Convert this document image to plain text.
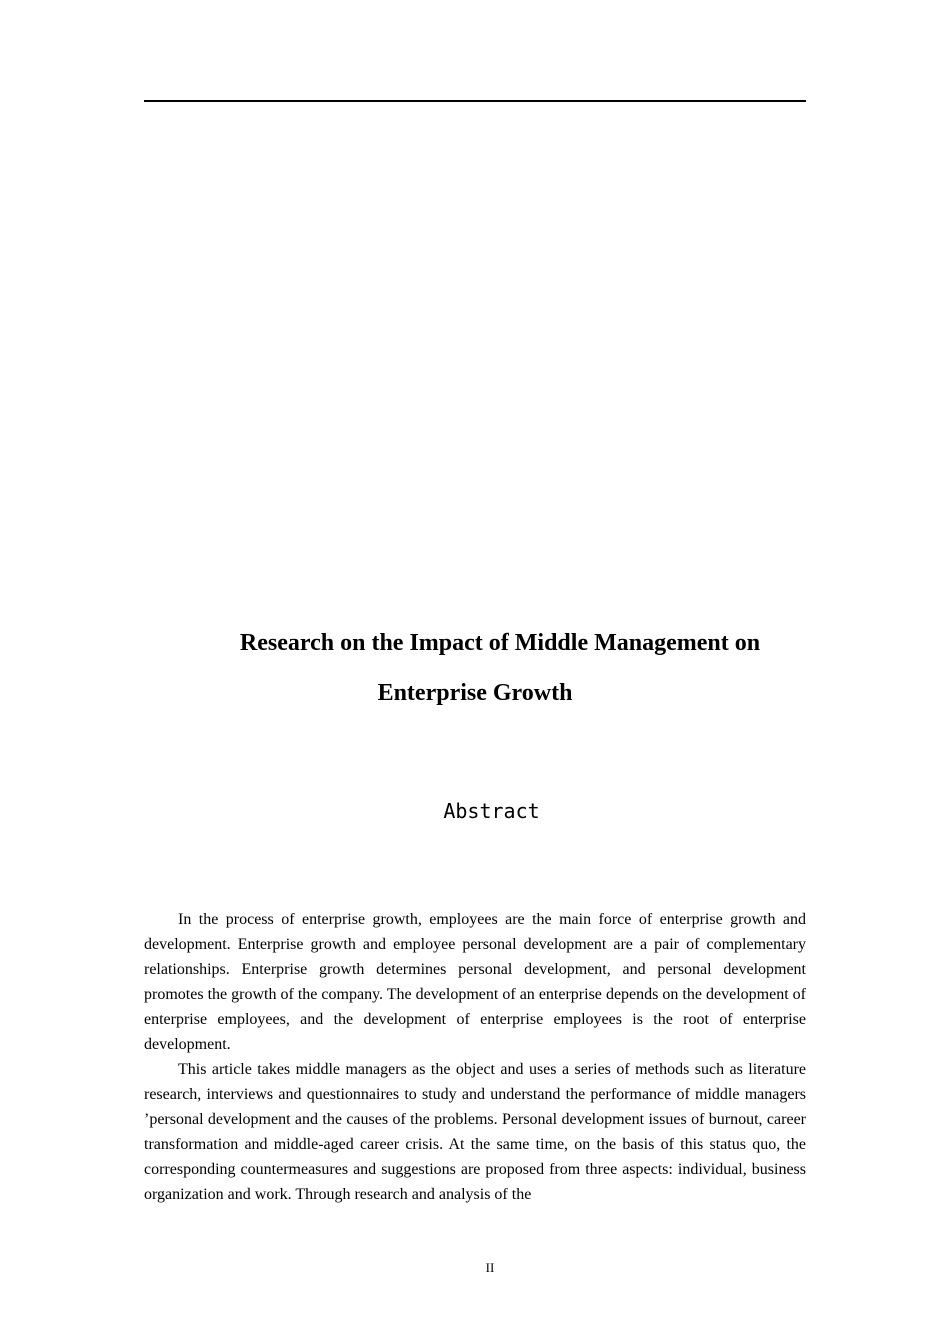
Research on the Impact of Middle Management on
Enterprise Growth
Abstract

In the process of enterprise growth, employees are the main force of enterprise growth and development. Enterprise growth and employee personal development are a pair of complementary relationships. Enterprise growth determines personal development, and personal development promotes the growth of the company. The development of an enterprise depends on the development of enterprise employees, and the development of enterprise employees is the root of enterprise development.

This article takes middle managers as the object and uses a series of methods such as literature research, interviews and questionnaires to study and understand the performance of middle managers ’personal development and the causes of the problems. Personal development issues of burnout, career transformation and middle-aged career crisis. At the same time, on the basis of this status quo, the corresponding countermeasures and suggestions are proposed from three aspects: individual, business organization and work. Through research and analysis of the

II
